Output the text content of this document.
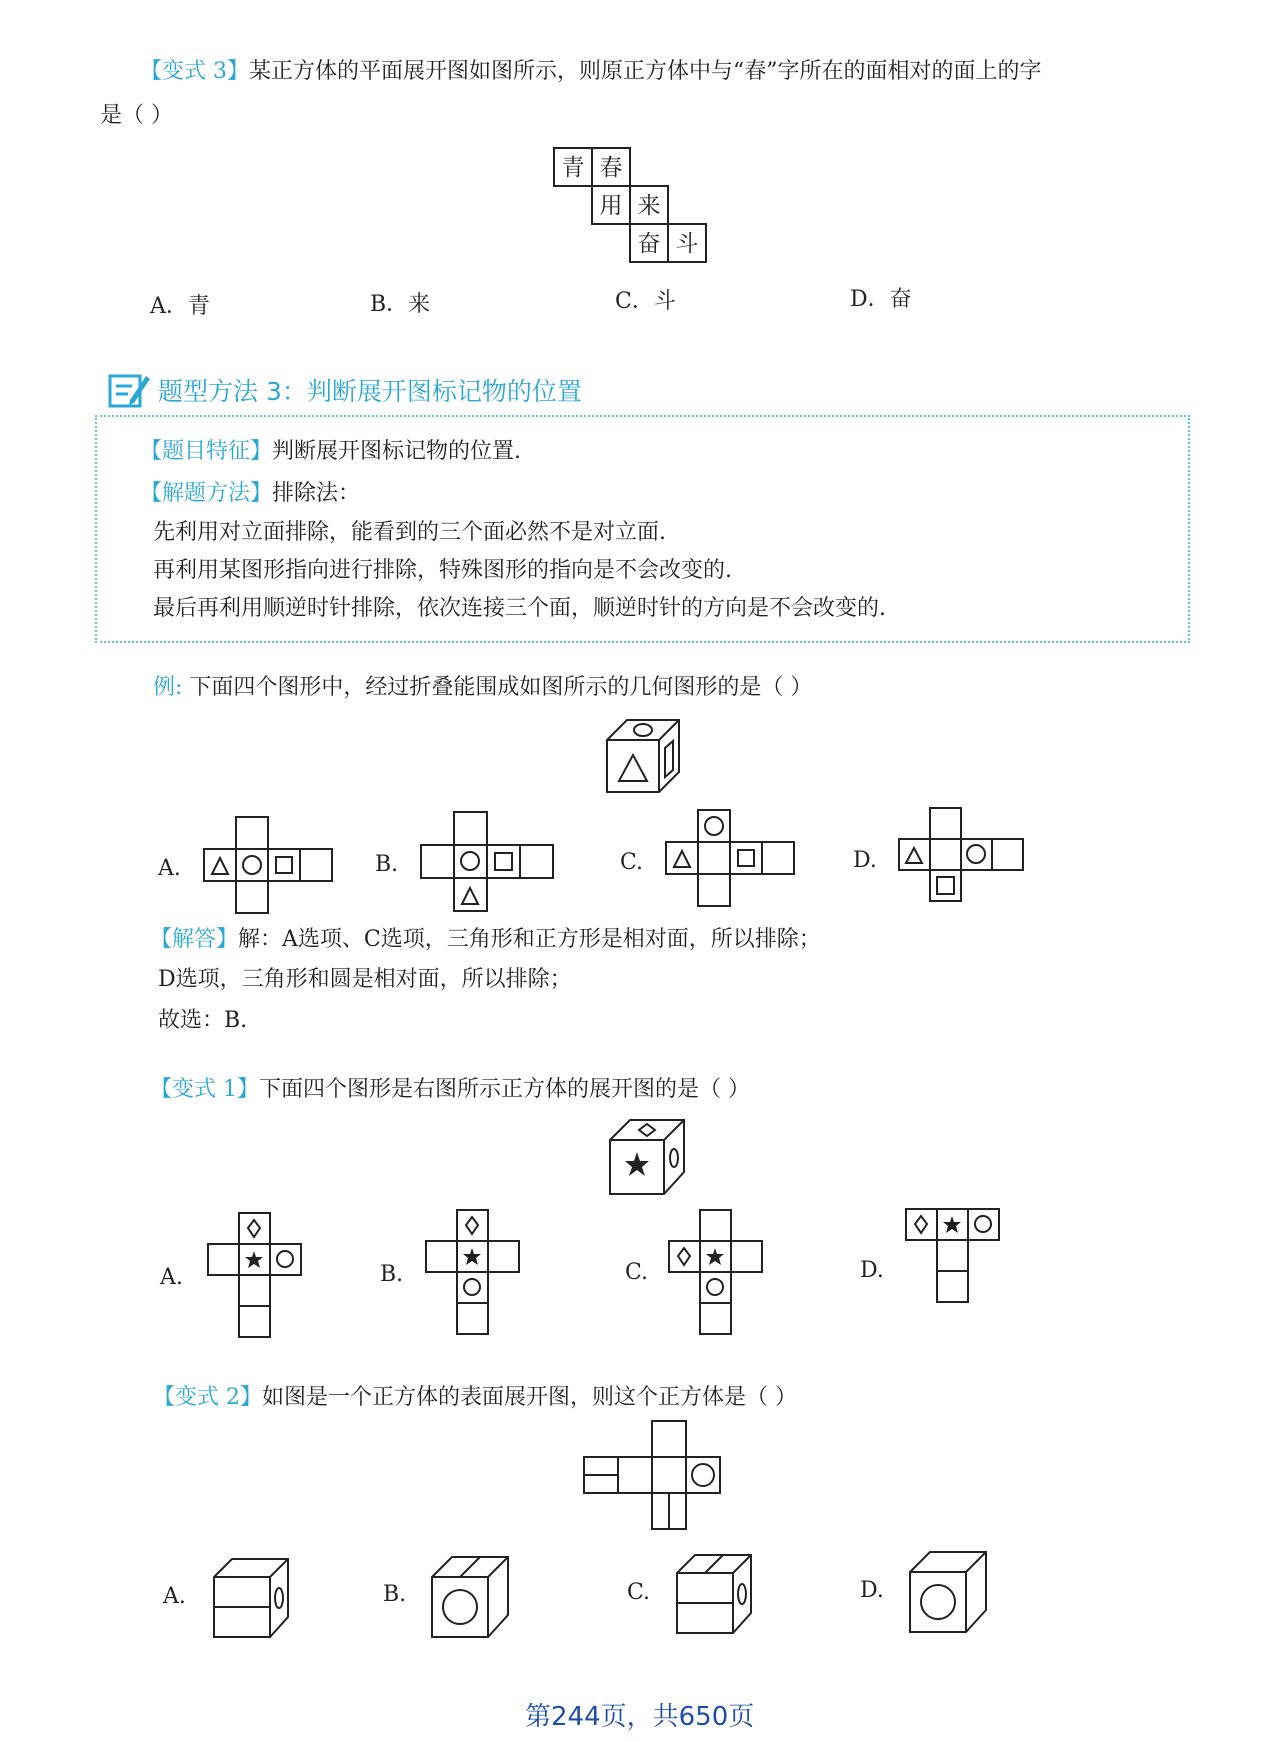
【变式 3】某正方体的平面展开图如图所示，则原正方体中与“春”字所在的面相对的面上的字
是（ ）
青 春
用 来
奋 斗
A．青	B．来	C．斗	D．奋
题型方法 3：判断展开图标记物的位置
【题目特征】判断展开图标记物的位置.
【解题方法】排除法：
先利用对立面排除，能看到的三个面必然不是对立面.
再利用某图形指向进行排除，特殊图形的指向是不会改变的.
最后再利用顺逆时针排除，依次连接三个面，顺逆时针的方向是不会改变的.
例: 下面四个图形中，经过折叠能围成如图所示的几何图形的是（ ）
A.	B.	C.	D.
【解答】解：A选项、C选项，三角形和正方形是相对面，所以排除；
D选项，三角形和圆是相对面，所以排除；
故选：B.
【变式 1】下面四个图形是右图所示正方体的展开图的是（ ）
A.	B.	C.	D.
【变式 2】如图是一个正方体的表面展开图，则这个正方体是（ ）
A.	B.	C.	D.
第244页，共650页
